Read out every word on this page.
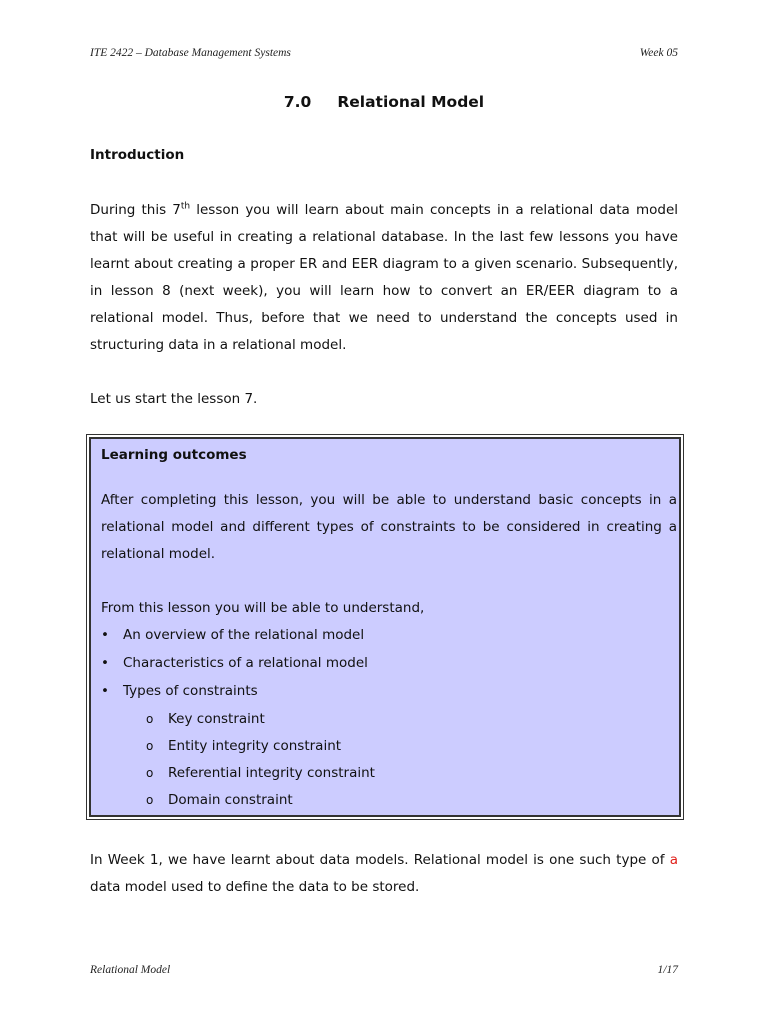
ITE 2422 – Database Management Systems	Week 05
7.0 Relational Model
Introduction

During this 7th lesson you will learn about main concepts in a relational data model that will be useful in creating a relational database. In the last few lessons you have learnt about creating a proper ER and EER diagram to a given scenario. Subsequently, in lesson 8 (next week), you will learn how to convert an ER/EER diagram to a relational model. Thus, before that we need to understand the concepts used in structuring data in a relational model.

Let us start the lesson 7.

Learning outcomes

After completing this lesson, you will be able to understand basic concepts in a relational model and different types of constraints to be considered in creating a relational model.

From this lesson you will be able to understand,

• An overview of the relational model
• Characteristics of a relational model
• Types of constraints
o Key constraint
o Entity integrity constraint
o Referential integrity constraint
o Domain constraint

In Week 1, we have learnt about data models. Relational model is one such type of a data model used to define the data to be stored.

Relational Model	1/17
